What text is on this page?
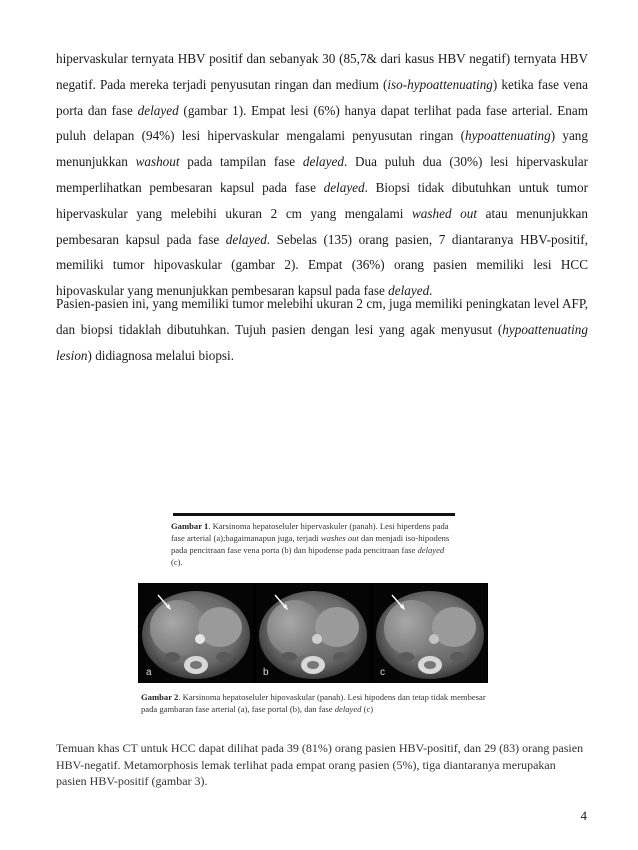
hipervaskular ternyata HBV positif dan sebanyak 30 (85,7& dari kasus HBV negatif) ternyata HBV negatif. Pada mereka terjadi penyusutan ringan dan medium (iso-hypoattenuating) ketika fase vena porta dan fase delayed (gambar 1). Empat lesi (6%) hanya dapat terlihat pada fase arterial. Enam puluh delapan (94%) lesi hipervaskular mengalami penyusutan ringan (hypoattenuating) yang menunjukkan washout pada tampilan fase delayed. Dua puluh dua (30%) lesi hipervaskular memperlihatkan pembesaran kapsul pada fase delayed. Biopsi tidak dibutuhkan untuk tumor hipervaskular yang melebihi ukuran 2 cm yang mengalami washed out atau menunjukkan pembesaran kapsul pada fase delayed. Sebelas (135) orang pasien, 7 diantaranya HBV-positif, memiliki tumor hipovaskular (gambar 2). Empat (36%) orang pasien memiliki lesi HCC hipovaskular yang menunjukkan pembesaran kapsul pada fase delayed.
Pasien-pasien ini, yang memiliki tumor melebihi ukuran 2 cm, juga memiliki peningkatan level AFP, dan biopsi tidaklah dibutuhkan. Tujuh pasien dengan lesi yang agak menyusut (hypoattenuating lesion) didiagnosa melalui biopsi.
Gambar 1. Karsinoma hepatoseluler hipervaskuler (panah). Lesi hiperdens pada fase arterial (a);bagaimanapun juga, terjadi washes out dan menjadi iso-hipodens pada pencitraan fase vena porta (b) dan hipodense pada pencitraan fase delayed (c).
a	b	c
Gambar 2. Karsinoma hepatoseluler hipovaskular (panah). Lesi hipodens dan tetap tidak membesar pada gambaran fase arterial (a), fase portal (b), dan fase delayed (c)
Temuan khas CT untuk HCC dapat dilihat pada 39 (81%) orang pasien HBV-positif, dan 29 (83) orang pasien HBV-negatif. Metamorphosis lemak terlihat pada empat orang pasien (5%), tiga diantaranya merupakan pasien HBV-positif (gambar 3).
4
